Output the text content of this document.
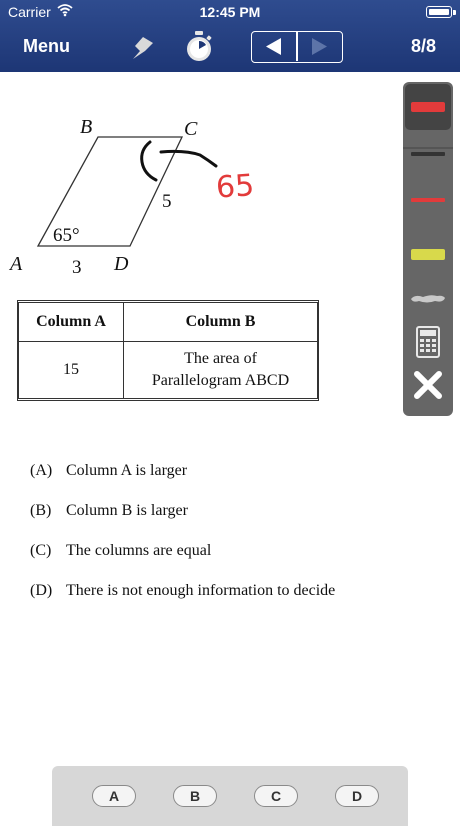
Carrier	12:45 PM
Menu	8/8
B	C
A	D
65°
3
5 65
Column A	Column B
15	The area of
Parallelogram ABCD
(A) Column A is larger
(B) Column B is larger
(C) The columns are equal
(D) There is not enough information to decide
A	B	C	D
